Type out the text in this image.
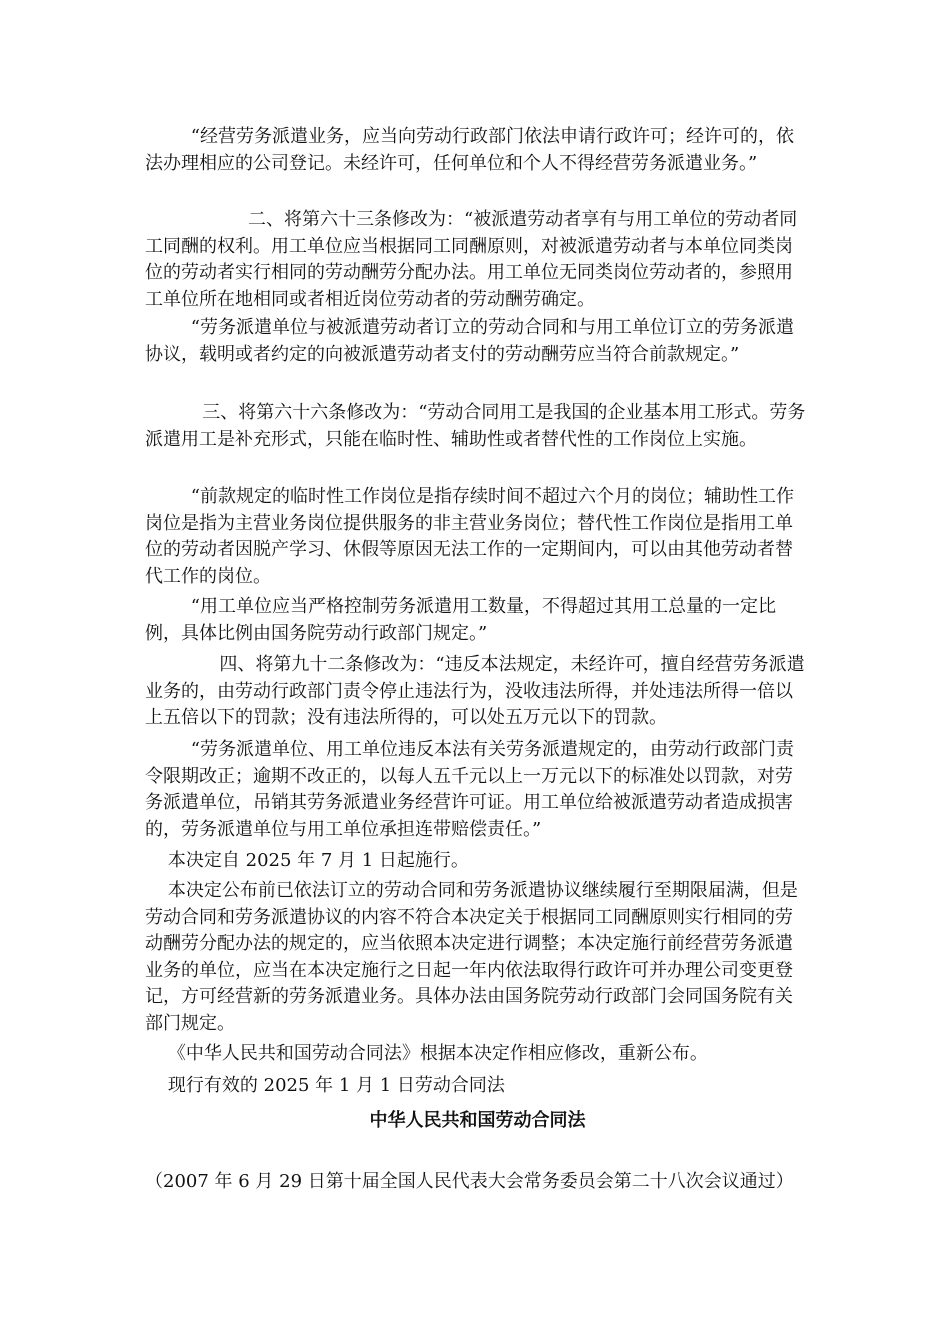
“经营劳务派遣业务，应当向劳动行政部门依法申请行政许可；经许可的，依法办理相应的公司登记。未经许可，任何单位和个人不得经营劳务派遣业务。”

二、将第六十三条修改为：“被派遣劳动者享有与用工单位的劳动者同工同酬的权利。用工单位应当根据同工同酬原则，对被派遣劳动者与本单位同类岗位的劳动者实行相同的劳动酬劳分配办法。用工单位无同类岗位劳动者的，参照用工单位所在地相同或者相近岗位劳动者的劳动酬劳确定。

“劳务派遣单位与被派遣劳动者订立的劳动合同和与用工单位订立的劳务派遣协议，载明或者约定的向被派遣劳动者支付的劳动酬劳应当符合前款规定。”

三、将第六十六条修改为：“劳动合同用工是我国的企业基本用工形式。劳务派遣用工是补充形式，只能在临时性、辅助性或者替代性的工作岗位上实施。

“前款规定的临时性工作岗位是指存续时间不超过六个月的岗位；辅助性工作岗位是指为主营业务岗位提供服务的非主营业务岗位；替代性工作岗位是指用工单位的劳动者因脱产学习、休假等原因无法工作的一定期间内，可以由其他劳动者替代工作的岗位。

“用工单位应当严格控制劳务派遣用工数量，不得超过其用工总量的一定比例，具体比例由国务院劳动行政部门规定。”

四、将第九十二条修改为：“违反本法规定，未经许可，擅自经营劳务派遣业务的，由劳动行政部门责令停止违法行为，没收违法所得，并处违法所得一倍以上五倍以下的罚款；没有违法所得的，可以处五万元以下的罚款。

“劳务派遣单位、用工单位违反本法有关劳务派遣规定的，由劳动行政部门责令限期改正；逾期不改正的，以每人五千元以上一万元以下的标准处以罚款，对劳务派遣单位，吊销其劳务派遣业务经营许可证。用工单位给被派遣劳动者造成损害的，劳务派遣单位与用工单位承担连带赔偿责任。”

本决定自 2025 年 7 月 1 日起施行。

本决定公布前已依法订立的劳动合同和劳务派遣协议继续履行至期限届满，但是劳动合同和劳务派遣协议的内容不符合本决定关于根据同工同酬原则实行相同的劳动酬劳分配办法的规定的，应当依照本决定进行调整；本决定施行前经营劳务派遣业务的单位，应当在本决定施行之日起一年内依法取得行政许可并办理公司变更登记，方可经营新的劳务派遣业务。具体办法由国务院劳动行政部门会同国务院有关部门规定。

《中华人民共和国劳动合同法》根据本决定作相应修改，重新公布。

现行有效的 2025 年 1 月 1 日劳动合同法

中华人民共和国劳动合同法

（2007 年 6 月 29 日第十届全国人民代表大会常务委员会第二十八次会议通过）
